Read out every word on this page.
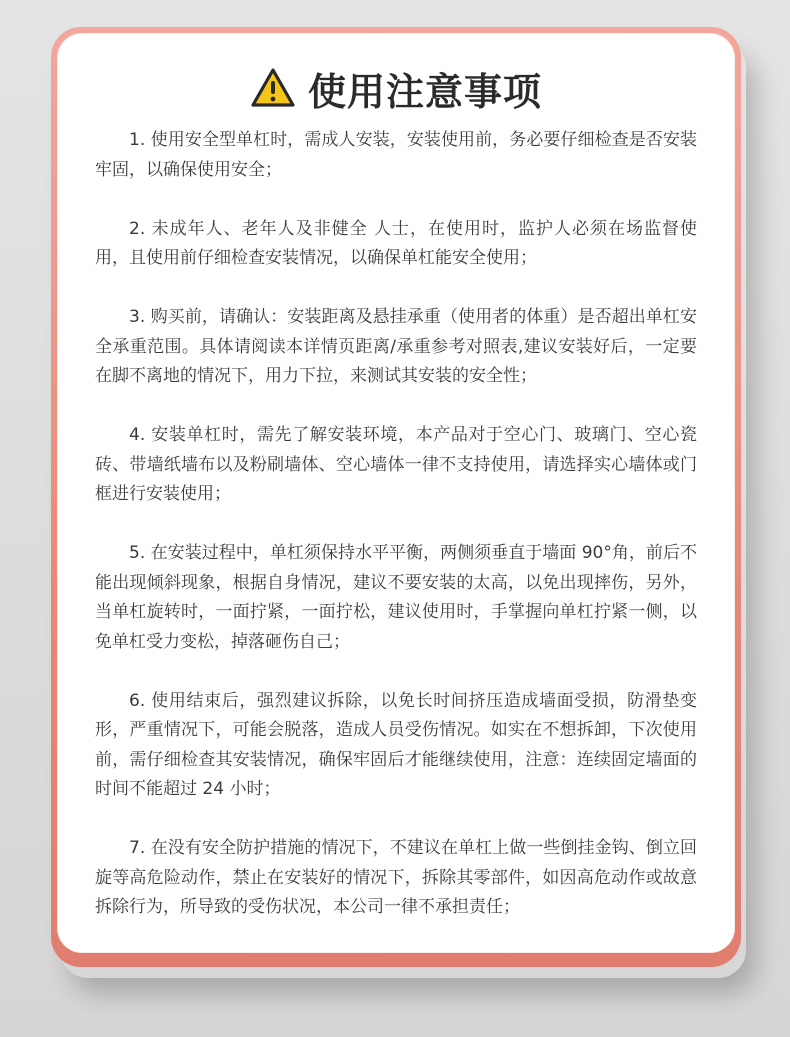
使用注意事项

1. 使用安全型单杠时，需成人安装，安装使用前，务必要仔细检查是否安装牢固，以确保使用安全；

2. 未成年人、老年人及非健全 人士，在使用时，监护人必须在场监督使用，且使用前仔细检查安装情况，以确保单杠能安全使用；

3. 购买前，请确认：安装距离及悬挂承重（使用者的体重）是否超出单杠安全承重范围。具体请阅读本详情页距离/承重参考对照表,建议安装好后，一定要在脚不离地的情况下，用力下拉，来测试其安装的安全性；

4. 安装单杠时，需先了解安装环境，本产品对于空心门、玻璃门、空心瓷砖、带墙纸墙布以及粉刷墙体、空心墙体一律不支持使用，请选择实心墙体或门框进行安装使用；

5. 在安装过程中，单杠须保持水平平衡，两侧须垂直于墙面 90°角，前后不能出现倾斜现象，根据自身情况，建议不要安装的太高，以免出现摔伤，另外，当单杠旋转时，一面拧紧，一面拧松，建议使用时，手掌握向单杠拧紧一侧，以免单杠受力变松，掉落砸伤自己；

6. 使用结束后，强烈建议拆除，以免长时间挤压造成墙面受损，防滑垫变形，严重情况下，可能会脱落，造成人员受伤情况。如实在不想拆卸，下次使用前，需仔细检查其安装情况，确保牢固后才能继续使用，注意：连续固定墙面的时间不能超过 24 小时；

7. 在没有安全防护措施的情况下，不建议在单杠上做一些倒挂金钩、倒立回旋等高危险动作，禁止在安装好的情况下，拆除其零部件，如因高危动作或故意拆除行为，所导致的受伤状况，本公司一律不承担责任；
